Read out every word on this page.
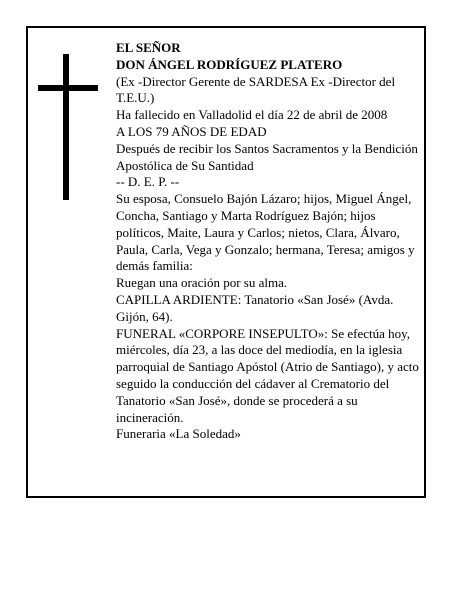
EL SEÑOR

DON ÁNGEL RODRÍGUEZ PLATERO

(Ex -Director Gerente de SARDESA Ex -Director del T.E.U.)

Ha fallecido en Valladolid el día 22 de abril de 2008

A LOS 79 AÑOS DE EDAD

Después de recibir los Santos Sacramentos y la Bendición Apostólica de Su Santidad

-- D. E. P. --

Su esposa, Consuelo Bajón Lázaro; hijos, Miguel Ángel, Concha, Santiago y Marta Rodríguez Bajón; hijos políticos, Maite, Laura y Carlos; nietos, Clara, Álvaro, Paula, Carla, Vega y Gonzalo; hermana, Teresa; amigos y demás familia:

Ruegan una oración por su alma.

CAPILLA ARDIENTE: Tanatorio «San José» (Avda. Gijón, 64).

FUNERAL «CORPORE INSEPULTO»: Se efectúa hoy, miércoles, día 23, a las doce del mediodía, en la iglesia parroquial de Santiago Apóstol (Atrio de Santiago), y acto seguido la conducción del cádaver al Crematorio del Tanatorio «San José», donde se procederá a su incineración.

Funeraria «La Soledad»
